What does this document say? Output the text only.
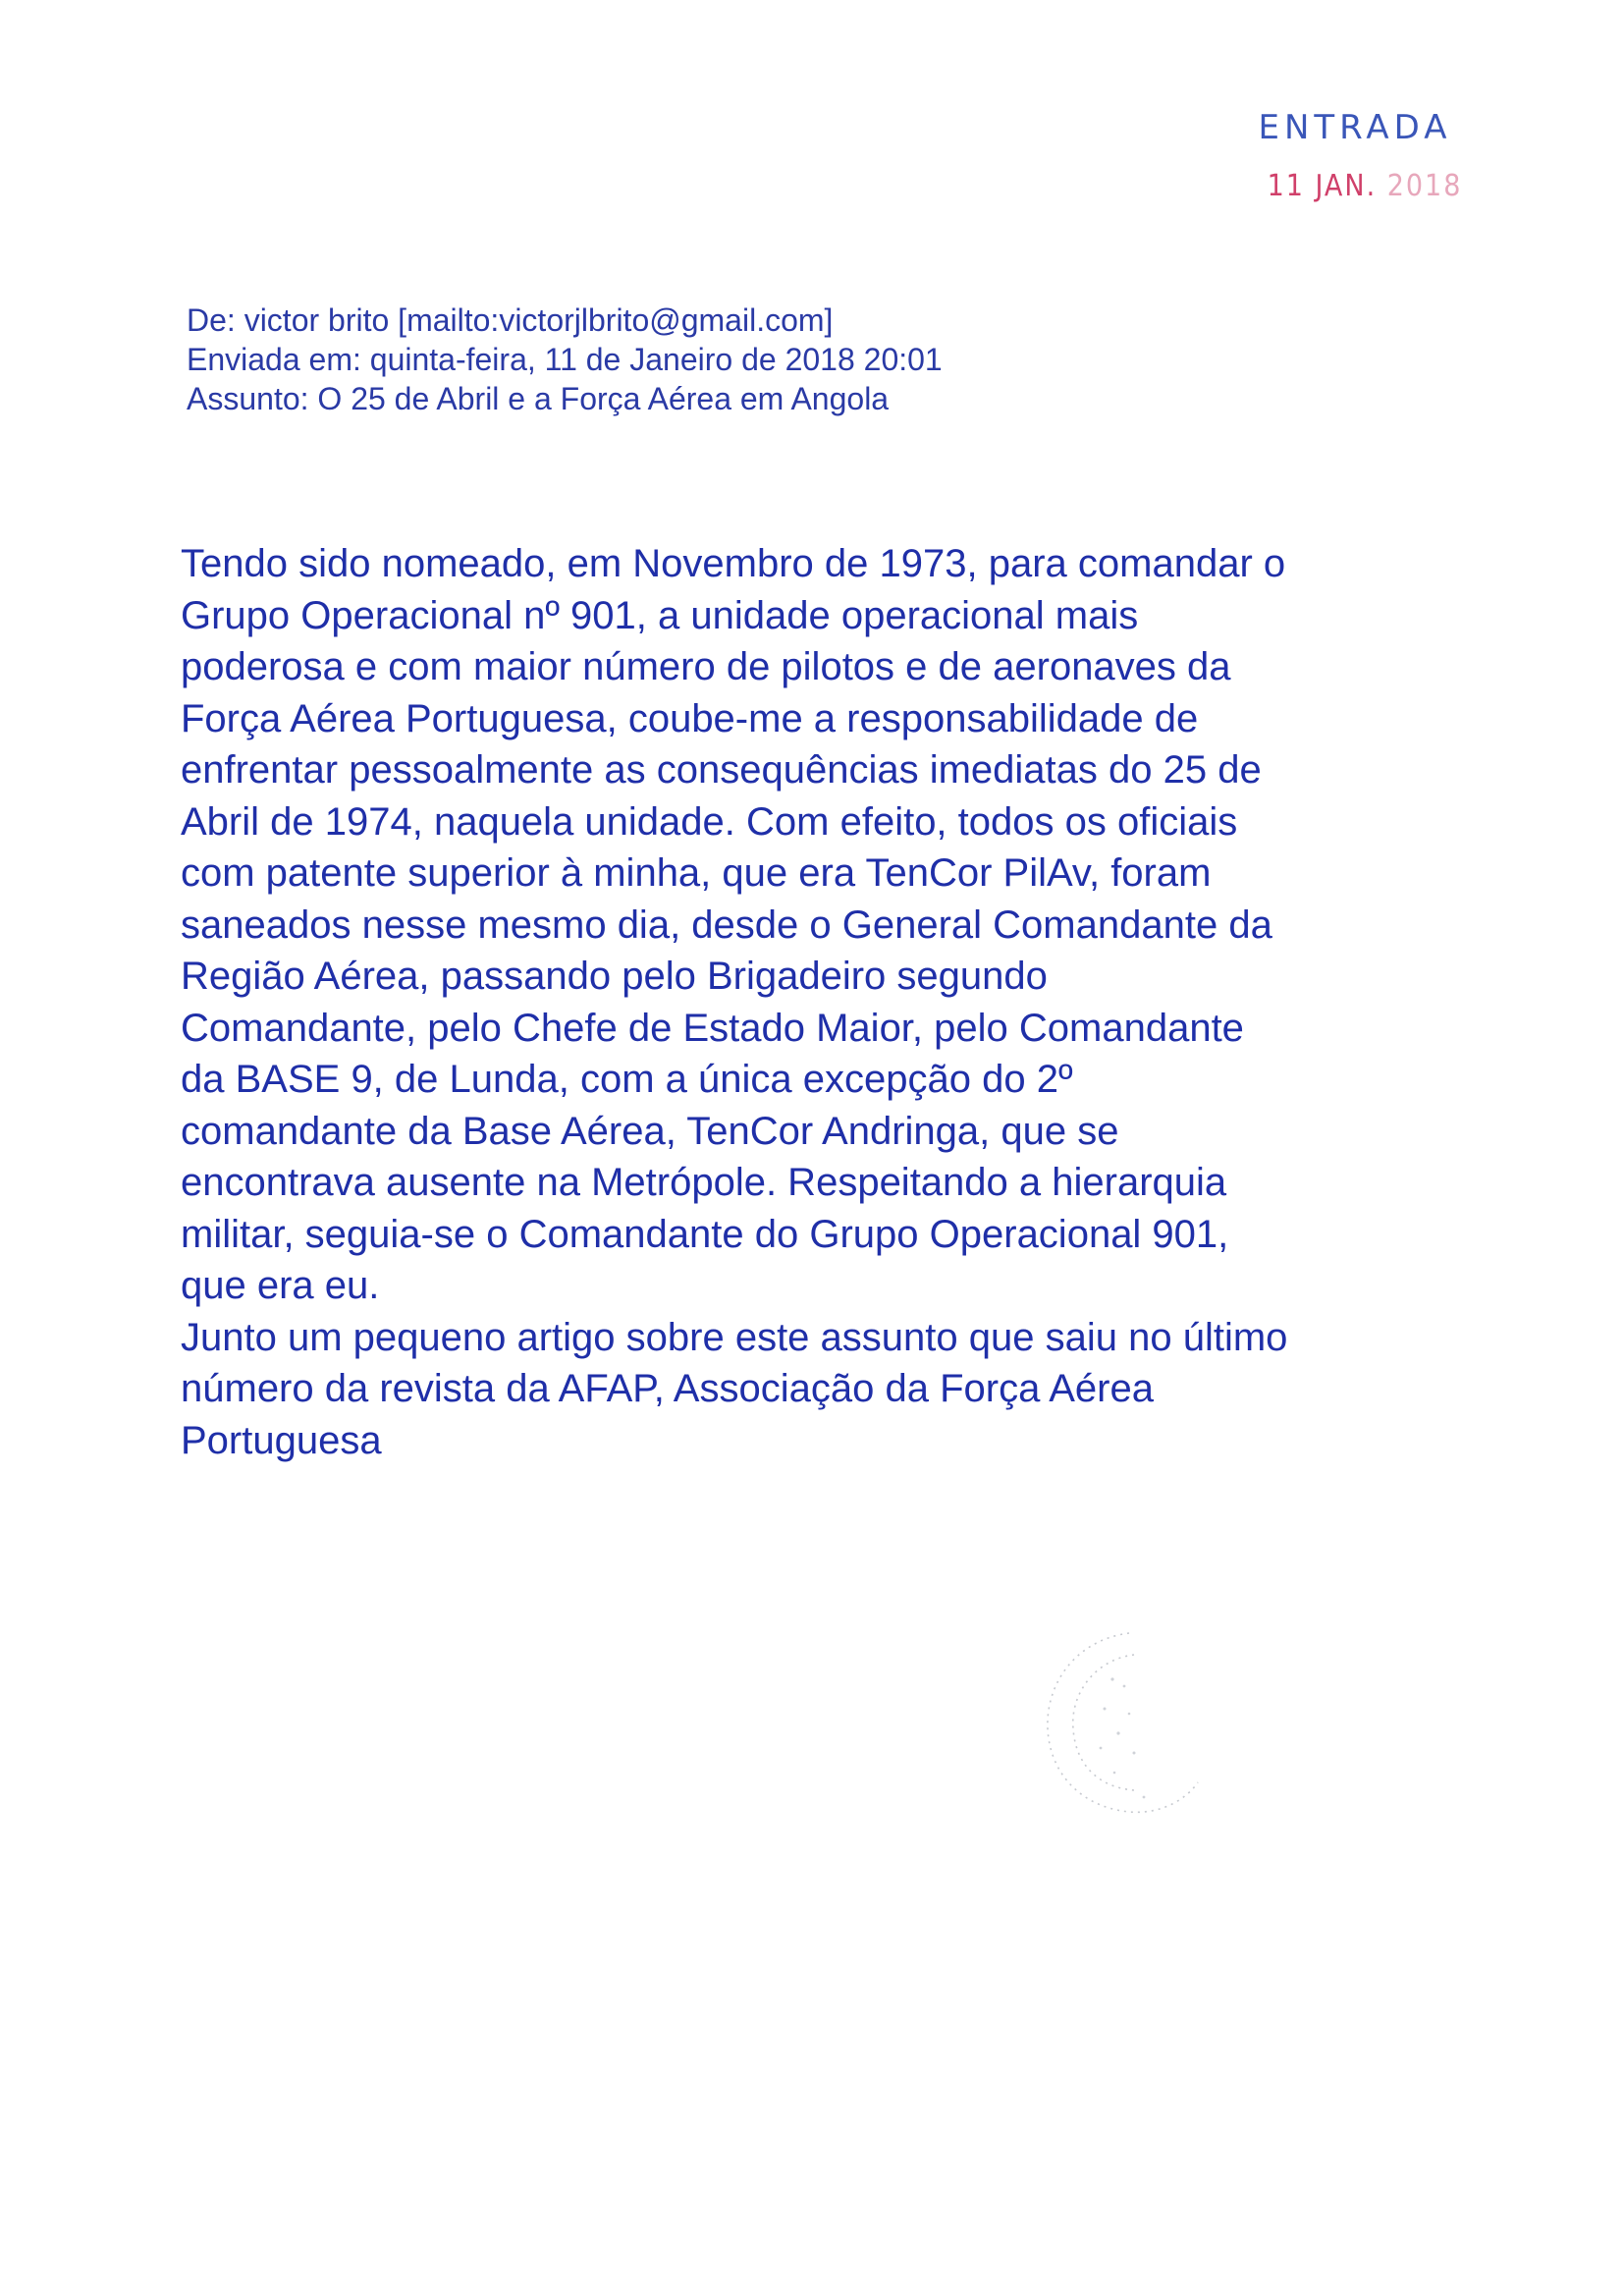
ENTRADA
11 JAN. 2018
De: victor brito [mailto:victorjlbrito@gmail.com]
Enviada em: quinta-feira, 11 de Janeiro de 2018 20:01
Assunto: O 25 de Abril e a Força Aérea em Angola
Tendo sido nomeado, em Novembro de 1973, para comandar o
Grupo Operacional nº 901, a unidade operacional mais
poderosa e com maior número de pilotos e de aeronaves da
Força Aérea Portuguesa, coube-me a responsabilidade de
enfrentar pessoalmente as consequências imediatas do 25 de
Abril de 1974, naquela unidade. Com efeito, todos os oficiais
com patente superior à minha, que era TenCor PilAv, foram
saneados nesse mesmo dia, desde o General Comandante da
Região Aérea, passando pelo Brigadeiro segundo
Comandante, pelo Chefe de Estado Maior, pelo Comandante
da BASE 9, de Lunda, com a única excepção do 2º
comandante da Base Aérea, TenCor Andringa, que se
encontrava ausente na Metrópole. Respeitando a hierarquia
militar, seguia-se o Comandante do Grupo Operacional 901,
que era eu.
Junto um pequeno artigo sobre este assunto que saiu no último
número da revista da AFAP, Associação da Força Aérea
Portuguesa
